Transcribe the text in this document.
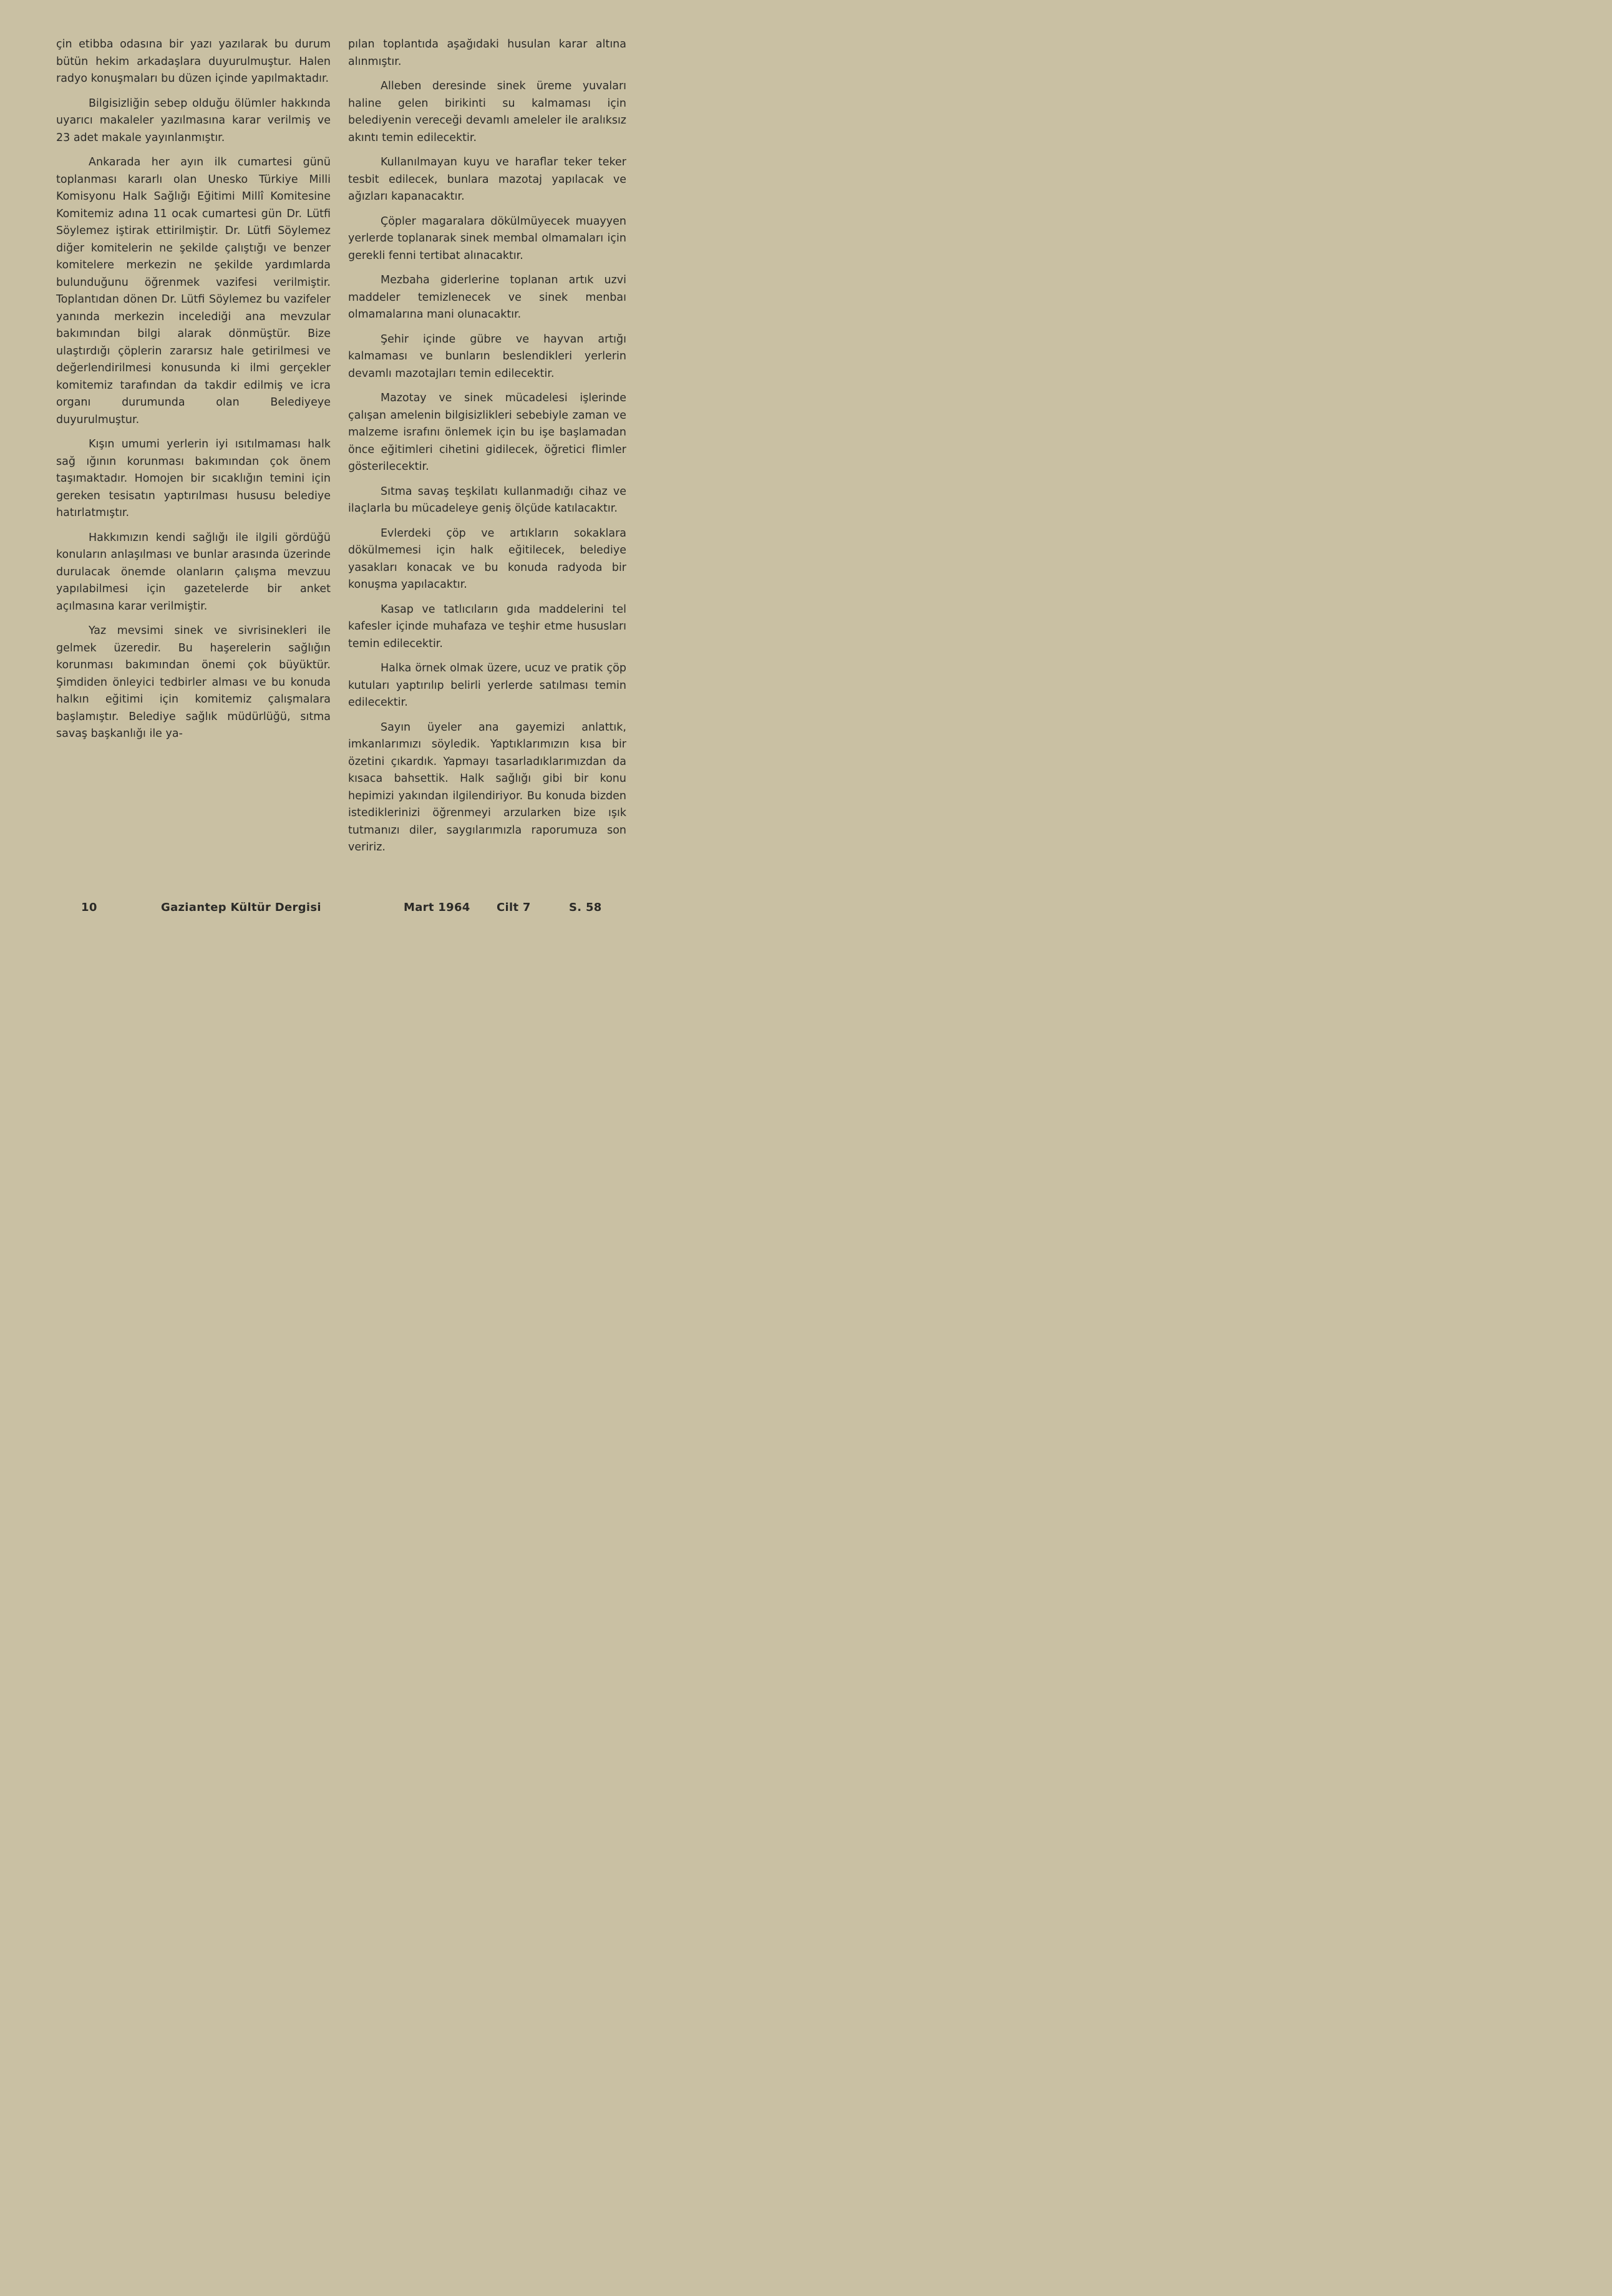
çin etibba odasına bir yazı yazılarak bu durum bütün hekim arkadaşlara duyurulmuştur. Halen radyo konuşmaları bu düzen içinde yapılmaktadır.

Bilgisizliğin sebep olduğu ölümler hakkında uyarıcı makaleler yazılmasına karar verilmiş ve 23 adet makale yayınlanmıştır.

Ankarada her ayın ilk cumartesi günü toplanması kararlı olan Unesko Türkiye Milli Komisyonu Halk Sağlığı Eğitimi Millî Komitesine Komitemiz adına 11 ocak cumartesi gün Dr. Lütfi Söylemez iştirak ettirilmiştir. Dr. Lütfi Söylemez diğer komitelerin ne şekilde çalıştığı ve benzer komitelere merkezin ne şekilde yardımlarda bulunduğunu öğrenmek vazifesi verilmiştir. Toplantıdan dönen Dr. Lütfi Söylemez bu vazifeler yanında merkezin incelediği ana mevzular bakımından bilgi alarak dönmüştür. Bize ulaştırdığı çöplerin zararsız hale getirilmesi ve değerlendirilmesi konusunda ki ilmi gerçekler komitemiz tarafından da takdir edilmiş ve icra organı durumunda olan Belediyeye duyurulmuştur.

Kışın umumi yerlerin iyi ısıtılmaması halk sağ ığının korunması bakımından çok önem taşımaktadır. Homojen bir sıcaklığın temini için gereken tesisatın yaptırılması hususu belediye hatırlatmıştır.

Hakkımızın kendi sağlığı ile ilgili gördüğü konuların anlaşılması ve bunlar arasında üzerinde durulacak önemde olanların çalışma mevzuu yapılabilmesi için gazetelerde bir anket açılmasına karar verilmiştir.

Yaz mevsimi sinek ve sivrisinekleri ile gelmek üzeredir. Bu haşerelerin sağlığın korunması bakımından önemi çok büyüktür. Şimdiden önleyici tedbirler alması ve bu konuda halkın eğitimi için komitemiz çalışmalara başlamıştır. Belediye sağlık müdürlüğü, sıtma savaş başkanlığı ile ya-

pılan toplantıda aşağıdaki husulan karar altına alınmıştır.

Alleben deresinde sinek üreme yuvaları haline gelen birikinti su kalmaması için belediyenin vereceği devamlı ameleler ile aralıksız akıntı temin edilecektir.

Kullanılmayan kuyu ve haraflar teker teker tesbit edilecek, bunlara mazotaj yapılacak ve ağızları kapanacaktır.

Çöpler magaralara dökülmüyecek muayyen yerlerde toplanarak sinek membal olmamaları için gerekli fenni tertibat alınacaktır.

Mezbaha giderlerine toplanan artık uzvi maddeler temizlenecek ve sinek menbaı olmamalarına mani olunacaktır.

Şehir içinde gübre ve hayvan artığı kalmaması ve bunların beslendikleri yerlerin devamlı mazotajları temin edilecektir.

Mazotay ve sinek mücadelesi işlerinde çalışan amelenin bilgisizlikleri sebebiyle zaman ve malzeme israfını önlemek için bu işe başlamadan önce eğitimleri cihetini gidilecek, öğretici flimler gösterilecektir.

Sıtma savaş teşkilatı kullanmadığı cihaz ve ilaçlarla bu mücadeleye geniş ölçüde katılacaktır.

Evlerdeki çöp ve artıkların sokaklara dökülmemesi için halk eğitilecek, belediye yasakları konacak ve bu konuda radyoda bir konuşma yapılacaktır.

Kasap ve tatlıcıların gıda maddelerini tel kafesler içinde muhafaza ve teşhir etme hususları temin edilecektir.

Halka örnek olmak üzere, ucuz ve pratik çöp kutuları yaptırılıp belirli yerlerde satılması temin edilecektir.

Sayın üyeler ana gayemizi anlattık, imkanlarımızı söyledik. Yaptıklarımızın kısa bir özetini çıkardık. Yapmayı tasarladıklarımızdan da kısaca bahsettik. Halk sağlığı gibi bir konu hepimizi yakından ilgilendiriyor. Bu konuda bizden istediklerinizi öğrenmeyi arzularken bize ışık tutmanızı diler, saygılarımızla raporumuza son veririz.

10	Gaziantep Kültür Dergisi	Mart 1964 Cilt 7	S. 58
